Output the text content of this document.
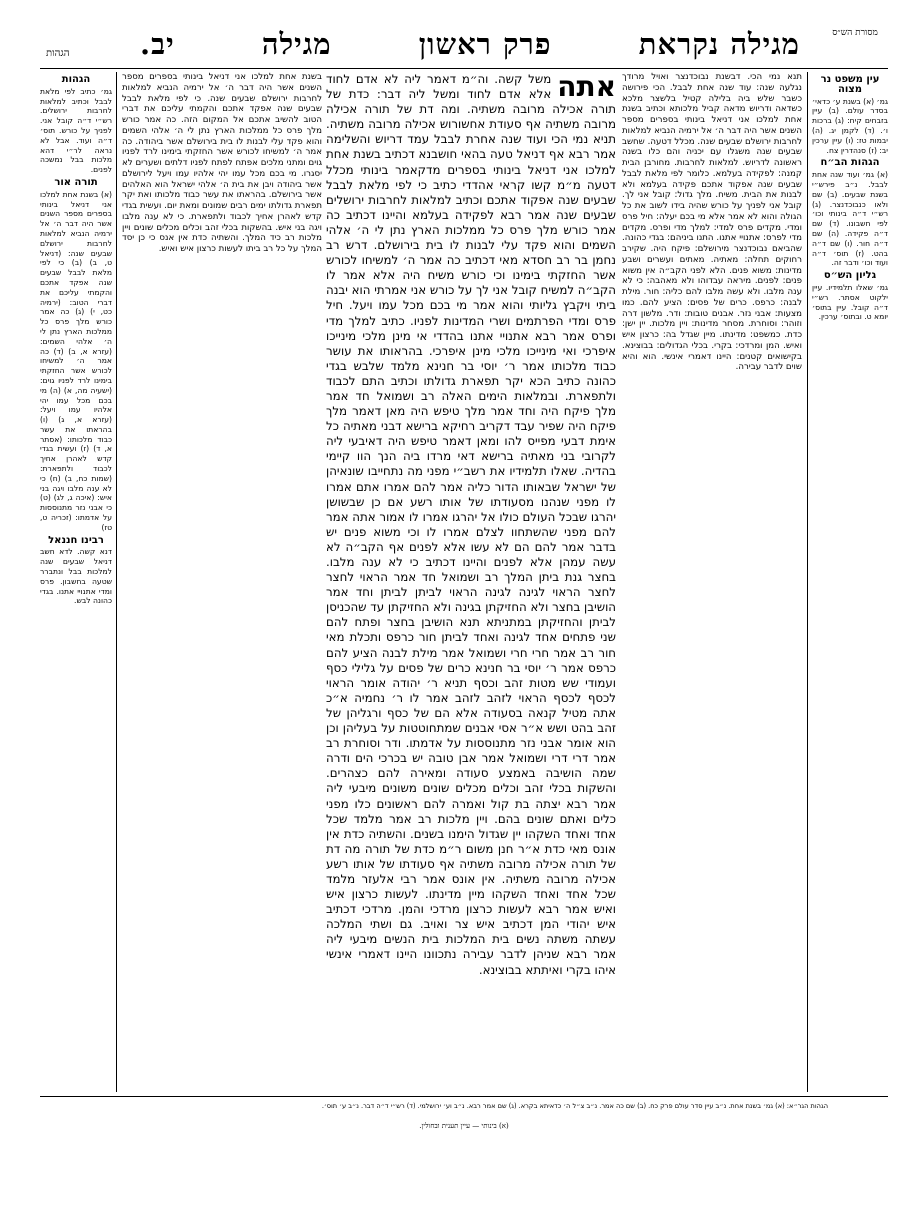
מסורת הש״ס
מגילה נקראת
פרק ראשון
מגילה
יב.
הגהות
עין משפט נר מצוה

גמ׳ (א) בשנת ע׳ כדאי׳ בסדר עולם. (ב) עיין בזבחים קיח: (ג) ברכות ו׳. (ד) לקמן יג. (ה) יבמות טז: (ו) עיין ערכין יב: (ז) סנהדרין צח.

הגהות הב״ח

(א) גמ׳ ועוד שנה אחת לבבל. נ״ב פירש״י בשנת שבעים. (ב) שם ולאו כנבוכדנצר. (ג) רש״י ד״ה בינותי וכו׳ לפי חשבונו. (ד) שם ד״ה פקידה. (ה) שם ד״ה חור. (ו) שם ד״ה בהט. (ז) תוס׳ ד״ה ועוד וכו׳ ודבר זה.

גליון הש״ס

גמ׳ שאלו תלמידיו. עיין ילקוט אסתר. רש״י ד״ה קובל. עיין בתוס׳ יומא ט. ובתוס׳ ערכין.

תנא נמי הכי. דבשנת נבוכדנצר ואויל מרודך נגלעה שנה: עוד שנה אחת לבבל. הכי פירושה כשבר שלש ביה בלילה קטיל בלשצר מלכא כשדאה ודריוש מדאה קביל מלכותא וכתיב בשנת אחת למלכו אני דניאל בינותי בספרים מספר השנים אשר היה דבר ה׳ אל ירמיה הנביא למלאות לחרבות ירושלם שבעים שנה. מכלל דטעה. שחשב שבעים שנה משגלו עם יכניה והם כלו בשנה ראשונה לדריוש. למלאות לחרבות. מחורבן הבית קמנה: לפקידה בעלמא. כלומר לפי מלאת לבבל שבעים שנה אפקוד אתכם פקידה בעלמא ולא לבנות את הבית. משיח. מלך גדול: קובל אני לך. קובל אני לפניך על כורש שהיה בידו לשוב את כל הגולה והוא לא אמר אלא מי בכם יעלה: חיל פרס ומדי. מקדים פרס למדי: למלך מדי ופרס. מקדים מדי לפרס: אתנויי אתנו. התנו ביניהם: בגדי כהונה. שהביאם נבוכדנצר מירושלם: פיקח היה. שקירב רחוקים תחלה: מאתיה. מאתים ועשרים ושבע מדינות: משוא פנים. הלא לפני הקב״ה אין משוא פנים: לפנים. מיראה עבדוהו ולא מאהבה: כי לא ענה מלבו. ולא עשה מלבו להם כליה: חור. מילת לבנה: כרפס. כרים של פסים: הציע להם. כמו מצעות: אבני נזר. אבנים טובות: ודר. מלשון דרה וזוהר: וסוחרת. מסחר מדינות: ויין מלכות. יין ישן: כדת. כמשפט: מדינתו. מיין שגדל בה: כרצון איש ואיש. המן ומרדכי: בקרי. בכלי הגדולים: בבוצינא. בקישואים קטנים: היינו דאמרי אינשי. הוא והיא שוים לדבר עבירה.

אתה
משל קשה. וה״מ דאמר ליה לא אדם לחוד אלא אדם לחוד ומשל ליה דבר: כדת של תורה אכילה מרובה משתיה. ומה דת של תורה אכילה מרובה משתיה אף סעודת אחשורוש אכילה מרובה משתיה. תניא נמי הכי ועוד שנה אחרת לבבל עמד דריוש והשלימה אמר רבא אף דניאל טעה בהאי חושבנא דכתיב בשנת אחת למלכו אני דניאל בינותי בספרים מדקאמר בינותי מכלל דטעה מ״מ קשו קראי אהדדי כתיב כי לפי מלאת לבבל שבעים שנה אפקוד אתכם וכתיב למלאות לחרבות ירושלים שבעים שנה אמר רבא לפקידה בעלמא והיינו דכתיב כה אמר כורש מלך פרס כל ממלכות הארץ נתן לי ה׳ אלהי השמים והוא פקד עלי לבנות לו בית בירושלם. דרש רב נחמן בר רב חסדא מאי דכתיב כה אמר ה׳ למשיחו לכורש אשר החזקתי בימינו וכי כורש משיח היה אלא אמר לו הקב״ה למשיח קובל אני לך על כורש אני אמרתי הוא יבנה ביתי ויקבץ גליותי והוא אמר מי בכם מכל עמו ויעל. חיל פרס ומדי הפרתמים ושרי המדינות לפניו. כתיב למלך מדי ופרס אמר רבא אתנויי אתנו בהדדי אי מינן מלכי מינייכו איפרכי ואי מינייכו מלכי מינן איפרכי. בהראותו את עושר כבוד מלכותו אמר ר׳ יוסי בר חנינא מלמד שלבש בגדי כהונה כתיב הכא יקר תפארת גדולתו וכתיב התם לכבוד ולתפארת. ובמלאות הימים האלה רב ושמואל חד אמר מלך פיקח היה וחד אמר מלך טיפש היה מאן דאמר מלך פיקח היה שפיר עבד דקריב רחיקא ברישא דבני מאתיה כל אימת דבעי מפייס להו ומאן דאמר טיפש היה דאיבעי ליה לקרובי בני מאתיה ברישא דאי מרדו ביה הנך הוו קיימי בהדיה. שאלו תלמידיו את רשב״י מפני מה נתחייבו שונאיהן של ישראל שבאותו הדור כליה אמר להם אמרו אתם אמרו לו מפני שנהנו מסעודתו של אותו רשע אם כן שבשושן יהרגו שבכל העולם כולו אל יהרגו אמרו לו אמור אתה אמר להם מפני שהשתחוו לצלם אמרו לו וכי משוא פנים יש בדבר אמר להם הם לא עשו אלא לפנים אף הקב״ה לא עשה עמהן אלא לפנים והיינו דכתיב כי לא ענה מלבו. בחצר גנת ביתן המלך רב ושמואל חד אמר הראוי לחצר לחצר הראוי לגינה לגינה הראוי לביתן לביתן וחד אמר הושיבן בחצר ולא החזיקתן בגינה ולא החזיקתן עד שהכניסן לביתן והחזיקתן במתניתא תנא הושיבן בחצר ופתח להם שני פתחים אחד לגינה ואחד לביתן חור כרפס ותכלת מאי חור רב אמר חרי חרי ושמואל אמר מילת לבנה הציע להם כרפס אמר ר׳ יוסי בר חנינא כרים של פסים על גלילי כסף ועמודי שש מטות זהב וכסף תניא ר׳ יהודה אומר הראוי לכסף לכסף הראוי לזהב לזהב אמר לו ר׳ נחמיה א״כ אתה מטיל קנאה בסעודה אלא הם של כסף ורגליהן של זהב בהט ושש א״ר אסי אבנים שמתחוטטות על בעליהן וכן הוא אומר אבני נזר מתנוססות על אדמתו. ודר וסוחרת רב אמר דרי דרי ושמואל אמר אבן טובה יש בכרכי הים ודרה שמה הושיבה באמצע סעודה ומאירה להם כצהרים. והשקות בכלי זהב וכלים מכלים שונים משונים מיבעי ליה אמר רבא יצתה בת קול ואמרה להם ראשונים כלו מפני כלים ואתם שונים בהם. ויין מלכות רב אמר מלמד שכל אחד ואחד השקהו יין שגדול הימנו בשנים. והשתיה כדת אין אונס מאי כדת א״ר חנן משום ר״מ כדת של תורה מה דת של תורה אכילה מרובה משתיה אף סעודתו של אותו רשע אכילה מרובה משתיה. אין אונס אמר רבי אלעזר מלמד שכל אחד ואחד השקהו מיין מדינתו. לעשות כרצון איש ואיש אמר רבא לעשות כרצון מרדכי והמן. מרדכי דכתיב איש יהודי המן דכתיב איש צר ואויב. גם ושתי המלכה עשתה משתה נשים בית המלכות בית הנשים מיבעי ליה אמר רבא שניהן לדבר עבירה נתכוונו היינו דאמרי אינשי איהו בקרי ואיתתא בבוצינא.
הגהות

גמ׳ כתיב לפי מלאת לבבל וכתיב למלאות לחרבות ירושלים. רש״י ד״ה קובל אני. לפניך על כורש. תוס׳ ד״ה ועוד. אבל לא נראה לר״י דהא מלכות בבל נמשכה לפנים.

תורה אור

(א) בשנת אחת למלכו אני דניאל בינותי בספרים מספר השנים אשר היה דבר ה׳ אל ירמיה הנביא למלאות לחרבות ירושלם שבעים שנה: (דניאל ט, ב) (ב) כי לפי מלאת לבבל שבעים שנה אפקד אתכם והקמתי עליכם את דברי הטוב: (ירמיה כט, י) (ג) כה אמר כורש מלך פרס כל ממלכות הארץ נתן לי ה׳ אלהי השמים: (עזרא א, ב) (ד) כה אמר ה׳ למשיחו לכורש אשר החזקתי בימינו לרד לפניו גוים: (ישעיה מה, א) (ה) מי בכם מכל עמו יהי אלהיו עמו ויעל: (עזרא א, ג) (ו) בהראתו את עשר כבוד מלכותו: (אסתר א, ד) (ז) ועשית בגדי קדש לאהרן אחיך לכבוד ולתפארת: (שמות כח, ב) (ח) כי לא ענה מלבו ויגה בני איש: (איכה ג, לג) (ט) כי אבני נזר מתנוססות על אדמתו: (זכריה ט, טז)

רבינו חננאל

דנא קשה. לדא חשב דניאל שבעים שנה למלכות בבל ונתברר שטעה בחשבון. פרס ומדי אתנויי אתנו. בגדי כהונה לבש.

בשנת אחת למלכו אני דניאל בינותי בספרים מספר השנים אשר היה דבר ה׳ אל ירמיה הנביא למלאות לחרבות ירושלם שבעים שנה. כי לפי מלאת לבבל שבעים שנה אפקד אתכם והקמתי עליכם את דברי הטוב להשיב אתכם אל המקום הזה. כה אמר כורש מלך פרס כל ממלכות הארץ נתן לי ה׳ אלהי השמים והוא פקד עלי לבנות לו בית בירושלם אשר ביהודה. כה אמר ה׳ למשיחו לכורש אשר החזקתי בימינו לרד לפניו גוים ומתני מלכים אפתח לפתח לפניו דלתים ושערים לא יסגרו. מי בכם מכל עמו יהי אלהיו עמו ויעל לירושלם אשר ביהודה ויבן את בית ה׳ אלהי ישראל הוא האלהים אשר בירושלם. בהראתו את עשר כבוד מלכותו ואת יקר תפארת גדולתו ימים רבים שמונים ומאת יום. ועשית בגדי קדש לאהרן אחיך לכבוד ולתפארת. כי לא ענה מלבו ויגה בני איש. בהשקות בכלי זהב וכלים מכלים שונים ויין מלכות רב כיד המלך. והשתיה כדת אין אנס כי כן יסד המלך על כל רב ביתו לעשות כרצון איש ואיש.

הגהות הגר״א: (א) גמ׳ בשנת אחת. נ״ב עיין סדר עולם פרק כח. (ב) שם כה אמר. נ״ב צ״ל ה׳ כדאיתא בקרא. (ג) שם אמר רבא. נ״ב וע׳ ירושלמי. (ד) רש״י ד״ה דבר. נ״ב ע׳ תוס׳.
(א) בינותי — עיין תענית ובחולין.
